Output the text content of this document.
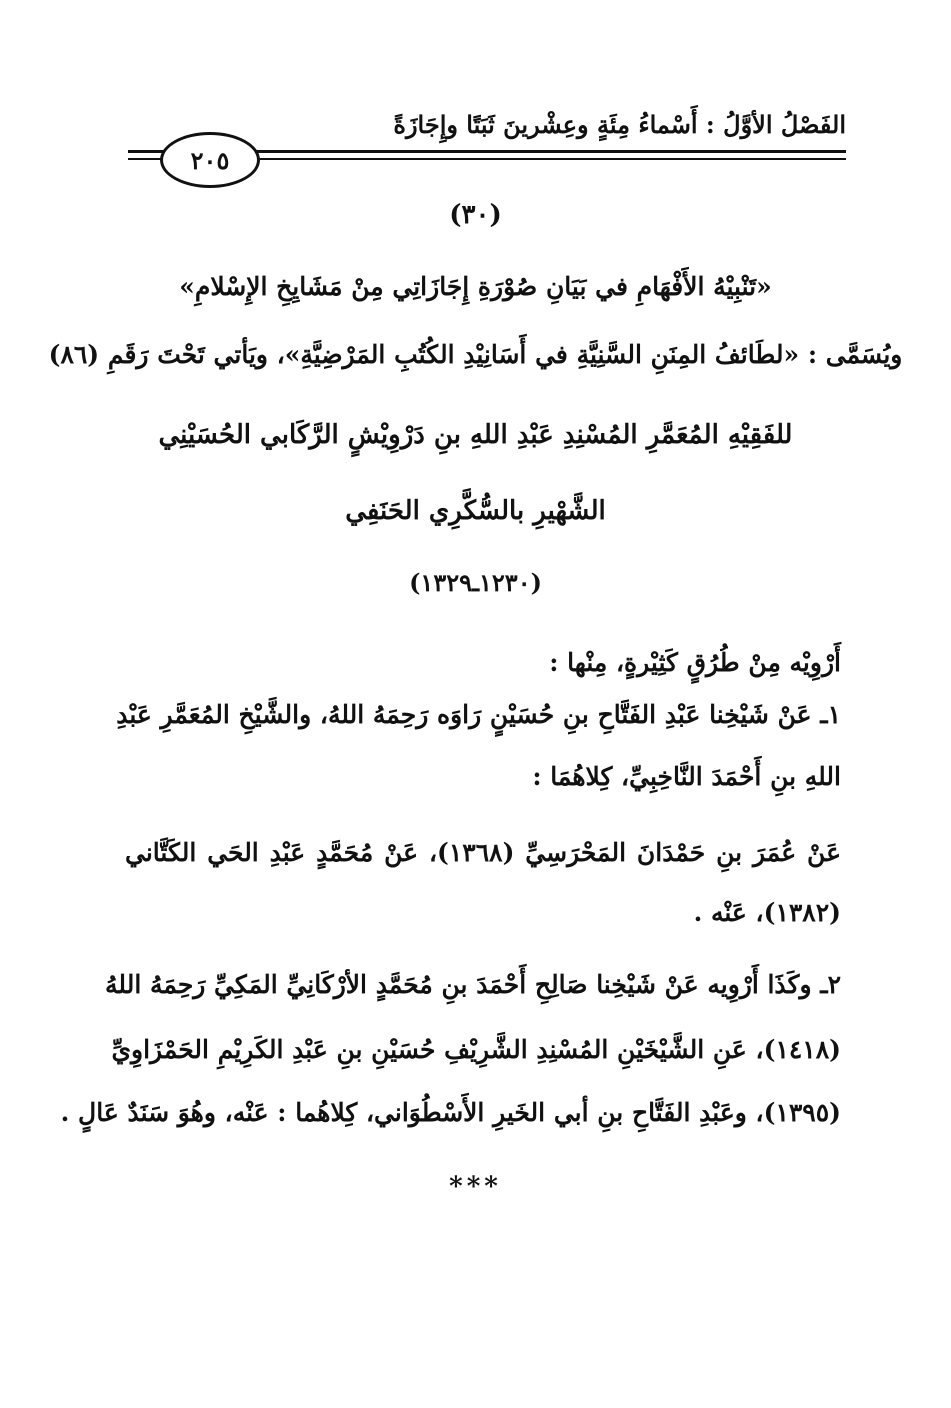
الفَصْلُ الأوَّلُ : أَسْماءُ مِئَةٍ وعِشْرينَ ثَبَتًا وإِجَازَةً
٢٠٥
(٣٠)
«تَنْبِيْهُ الأَفْهَامِ في بَيَانِ صُوْرَةِ إِجَازَاتِي مِنْ مَشَايِخِ الإِسْلامِ»
ويُسَمَّى : «لطَائفُ المِنَنِ السَّنِيَّةِ في أَسَانِيْدِ الكُتُبِ المَرْضِيَّةِ»، ويَأتي تَحْتَ رَقَمِ (٨٦)
للفَقِيْهِ المُعَمَّرِ المُسْنِدِ عَبْدِ اللهِ بنِ دَرْوِيْشٍ الرَّكَابي الحُسَيْنِي
الشَّهْيرِ بالسُّكَّرِي الحَنَفِي
(١٢٣٠ـ١٣٢٩)
أَرْوِيْه مِنْ طُرُقٍ كَثِيْرةٍ، مِنْها :
١ـ عَنْ شَيْخِنا عَبْدِ الفَتَّاحِ بنِ حُسَيْنٍ رَاوَه رَحِمَهُ اللهُ، والشَّيْخِ المُعَمَّرِ عَبْدِ
اللهِ بنِ أَحْمَدَ النَّاخِبِيِّ، كِلاهُمَا :
عَنْ عُمَرَ بنِ حَمْدَانَ المَحْرَسِيِّ (١٣٦٨)، عَنْ مُحَمَّدٍ عَبْدِ الحَي الكَتَّاني
(١٣٨٢)، عَنْه .
٢ـ وكَذَا أَرْوِيه عَنْ شَيْخِنا صَالِحِ أَحْمَدَ بنِ مُحَمَّدٍ الأرْكَانِيِّ المَكِيِّ رَحِمَهُ اللهُ
(١٤١٨)، عَنِ الشَّيْخَيْنِ المُسْنِدِ الشَّرِيْفِ حُسَيْنِ بنِ عَبْدِ الكَرِيْمِ الحَمْزَاوِيِّ
(١٣٩٥)، وعَبْدِ الفَتَّاحِ بنِ أبي الخَيرِ الأَسْطُوَاني، كِلاهُما : عَنْه، وهُوَ سَنَدٌ عَالٍ .
***
